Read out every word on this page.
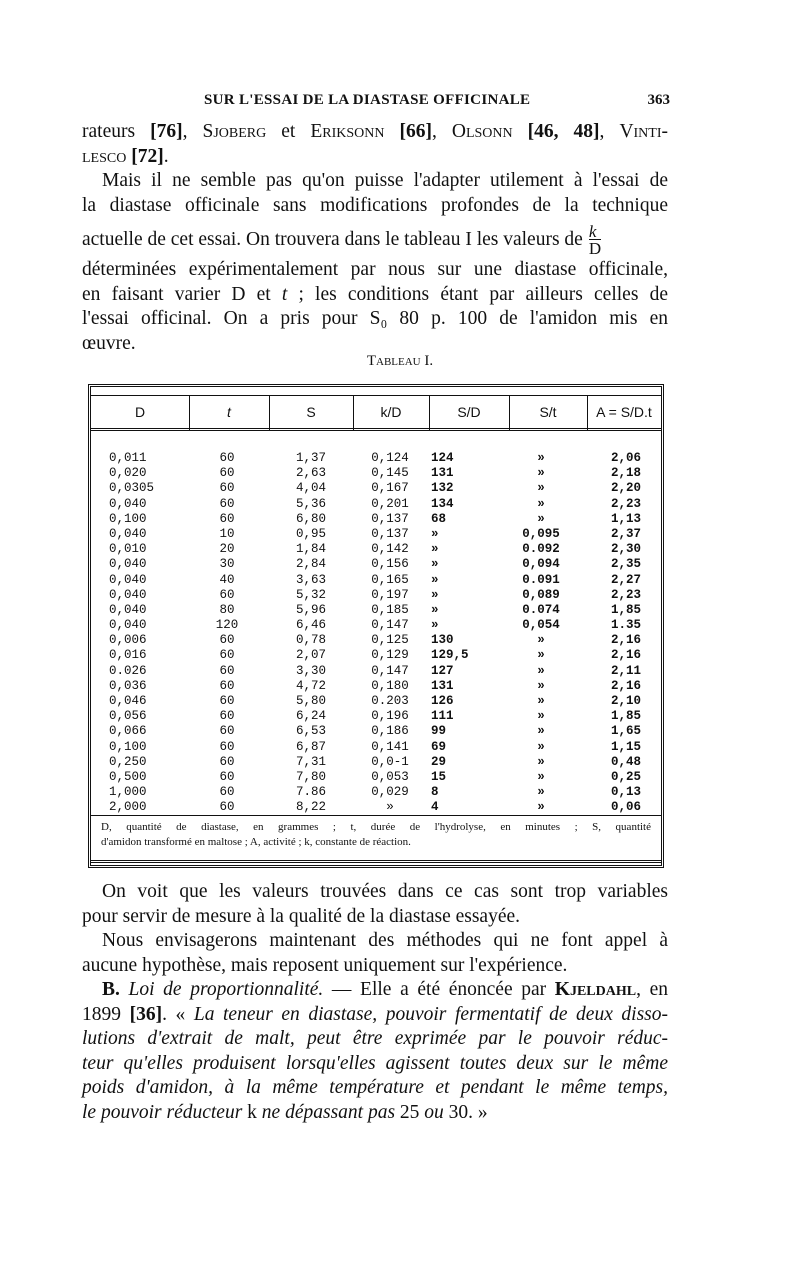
SUR L'ESSAI DE LA DIASTASE OFFICINALE	363
rateurs [76], Sjoberg et Eriksonn [66], Olsonn [46, 48], Vinti-
lesco [72].
Mais il ne semble pas qu'on puisse l'adapter utilement à l'essai de
la diastase officinale sans modifications profondes de la technique
actuelle de cet essai. On trouvera dans le tableau I les valeurs de $\frac{k}{D}$
déterminées expérimentalement par nous sur une diastase officinale,
en faisant varier D et t ; les conditions étant par ailleurs celles de
l'essai officinal. On a pris pour S₀ 80 p. 100 de l'amidon mis en
œuvre.
Tableau I.
D	t	S	k/D	S/D	S/t	A = S/D.t
0,011	60	1,37	0,124	124	»	2,06
0,020	60	2,63	0,145	131	»	2,18
0,0305	60	4,04	0,167	132	»	2,20
0,040	60	5,36	0,201	134	»	2,23
0,100	60	6,80	0,137	68	»	1,13
0,040	10	0,95	0,137	»	0,095	2,37
0,010	20	1,84	0,142	»	0.092	2,30
0,040	30	2,84	0,156	»	0,094	2,35
0,040	40	3,63	0,165	»	0.091	2,27
0,040	60	5,32	0,197	»	0,089	2,23
0,040	80	5,96	0,185	»	0.074	1,85
0,040	120	6,46	0,147	»	0,054	1.35
0,006	60	0,78	0,125	130	»	2,16
0,016	60	2,07	0,129	129,5	»	2,16
0.026	60	3,30	0,147	127	»	2,11
0,036	60	4,72	0,180	131	»	2,16
0,046	60	5,80	0.203	126	»	2,10
0,056	60	6,24	0,196	111	»	1,85
0,066	60	6,53	0,186	99	»	1,65
0,100	60	6,87	0,141	69	»	1,15
0,250	60	7,31	0,0‑1	29	»	0,48
0,500	60	7,80	0,053	15	»	0,25
1,000	60	7.86	0,029	8	»	0,13
2,000	60	8,22	»	4	»	0,06
D, quantité de diastase, en grammes ; t, durée de l'hydrolyse, en minutes ; S, quantité
d'amidon transformé en maltose ; A, activité ; k, constante de réaction.
On voit que les valeurs trouvées dans ce cas sont trop variables
pour servir de mesure à la qualité de la diastase essayée.
Nous envisagerons maintenant des méthodes qui ne font appel à
aucune hypothèse, mais reposent uniquement sur l'expérience.
B. Loi de proportionnalité. — Elle a été énoncée par Kjeldahl, en
1899 [36]. « La teneur en diastase, pouvoir fermentatif de deux disso-
lutions d'extrait de malt, peut être exprimée par le pouvoir réduc-
teur qu'elles produisent lorsqu'elles agissent toutes deux sur le même
poids d'amidon, à la même température et pendant le même temps,
le pouvoir réducteur k ne dépassant pas 25 ou 30. »
